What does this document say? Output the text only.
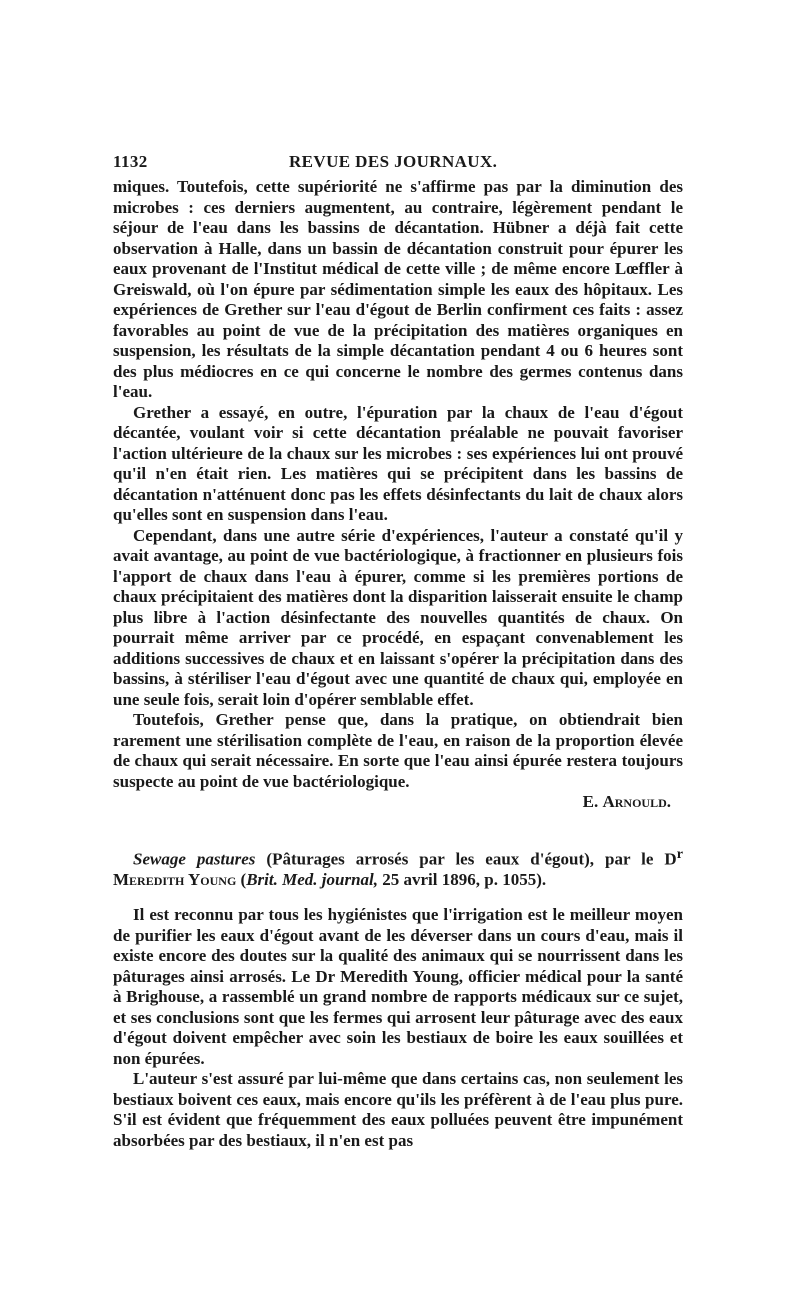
1132	REVUE DES JOURNAUX.

miques. Toutefois, cette supériorité ne s'affirme pas par la diminution des microbes : ces derniers augmentent, au contraire, légèrement pendant le séjour de l'eau dans les bassins de décantation. Hübner a déjà fait cette observation à Halle, dans un bassin de décantation construit pour épurer les eaux provenant de l'Institut médical de cette ville ; de même encore Lœffler à Greiswald, où l'on épure par sédimentation simple les eaux des hôpitaux. Les expériences de Grether sur l'eau d'égout de Berlin confirment ces faits : assez favorables au point de vue de la précipitation des matières organiques en suspension, les résultats de la simple décantation pendant 4 ou 6 heures sont des plus médiocres en ce qui concerne le nombre des germes contenus dans l'eau.

Grether a essayé, en outre, l'épuration par la chaux de l'eau d'égout décantée, voulant voir si cette décantation préalable ne pouvait favoriser l'action ultérieure de la chaux sur les microbes : ses expériences lui ont prouvé qu'il n'en était rien. Les matières qui se précipitent dans les bassins de décantation n'atténuent donc pas les effets désinfectants du lait de chaux alors qu'elles sont en suspension dans l'eau.

Cependant, dans une autre série d'expériences, l'auteur a constaté qu'il y avait avantage, au point de vue bactériologique, à fractionner en plusieurs fois l'apport de chaux dans l'eau à épurer, comme si les premières portions de chaux précipitaient des matières dont la disparition laisserait ensuite le champ plus libre à l'action désinfectante des nouvelles quantités de chaux. On pourrait même arriver par ce procédé, en espaçant convenablement les additions successives de chaux et en laissant s'opérer la précipitation dans des bassins, à stériliser l'eau d'égout avec une quantité de chaux qui, employée en une seule fois, serait loin d'opérer semblable effet.

Toutefois, Grether pense que, dans la pratique, on obtiendrait bien rarement une stérilisation complète de l'eau, en raison de la proportion élevée de chaux qui serait nécessaire. En sorte que l'eau ainsi épurée restera toujours suspecte au point de vue bactériologique.

E. Arnould.

Sewage pastures (Pâturages arrosés par les eaux d'égout), par le $D^r$ Meredith Young (Brit. Med. journal, 25 avril 1896, p. 1055).

Il est reconnu par tous les hygiénistes que l'irrigation est le meilleur moyen de purifier les eaux d'égout avant de les déverser dans un cours d'eau, mais il existe encore des doutes sur la qualité des animaux qui se nourrissent dans les pâturages ainsi arrosés. Le Dr Meredith Young, officier médical pour la santé à Brighouse, a rassemblé un grand nombre de rapports médicaux sur ce sujet, et ses conclusions sont que les fermes qui arrosent leur pâturage avec des eaux d'égout doivent empêcher avec soin les bestiaux de boire les eaux souillées et non épurées.

L'auteur s'est assuré par lui-même que dans certains cas, non seulement les bestiaux boivent ces eaux, mais encore qu'ils les préfèrent à de l'eau plus pure. S'il est évident que fréquemment des eaux polluées peuvent être impunément absorbées par des bestiaux, il n'en est pas
